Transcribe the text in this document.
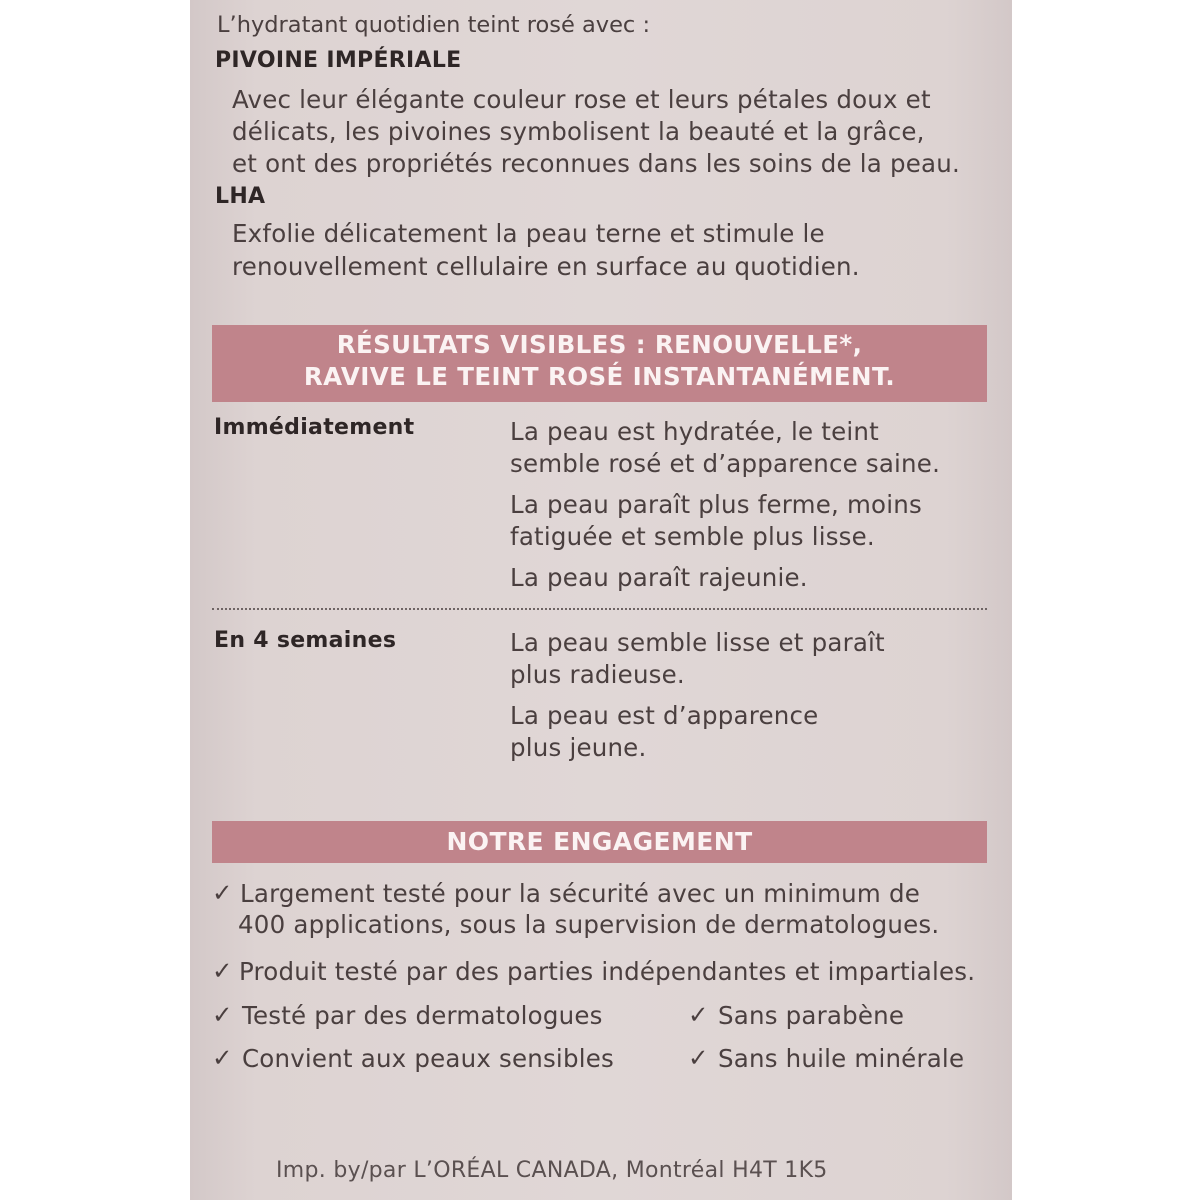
L’hydratant quotidien teint rosé avec :
PIVOINE IMPÉRIALE
Avec leur élégante couleur rose et leurs pétales doux et
délicats, les pivoines symbolisent la beauté et la grâce,
et ont des propriétés reconnues dans les soins de la peau.
LHA
Exfolie délicatement la peau terne et stimule le
renouvellement cellulaire en surface au quotidien.
RÉSULTATS VISIBLES : RENOUVELLE*,
RAVIVE LE TEINT ROSÉ INSTANTANÉMENT.
Immédiatement	La peau est hydratée, le teint
semble rosé et d’apparence saine.
La peau paraît plus ferme, moins
fatiguée et semble plus lisse.
La peau paraît rajeunie.
En 4 semaines	La peau semble lisse et paraît
plus radieuse.
La peau est d’apparence
plus jeune.
NOTRE ENGAGEMENT
✓ Largement testé pour la sécurité avec un minimum de
400 applications, sous la supervision de dermatologues.
✓ Produit testé par des parties indépendantes et impartiales.
✓ Testé par des dermatologues	✓ Sans parabène
✓ Convient aux peaux sensibles	✓ Sans huile minérale
Imp. by/par L’ORÉAL CANADA, Montréal H4T 1K5
